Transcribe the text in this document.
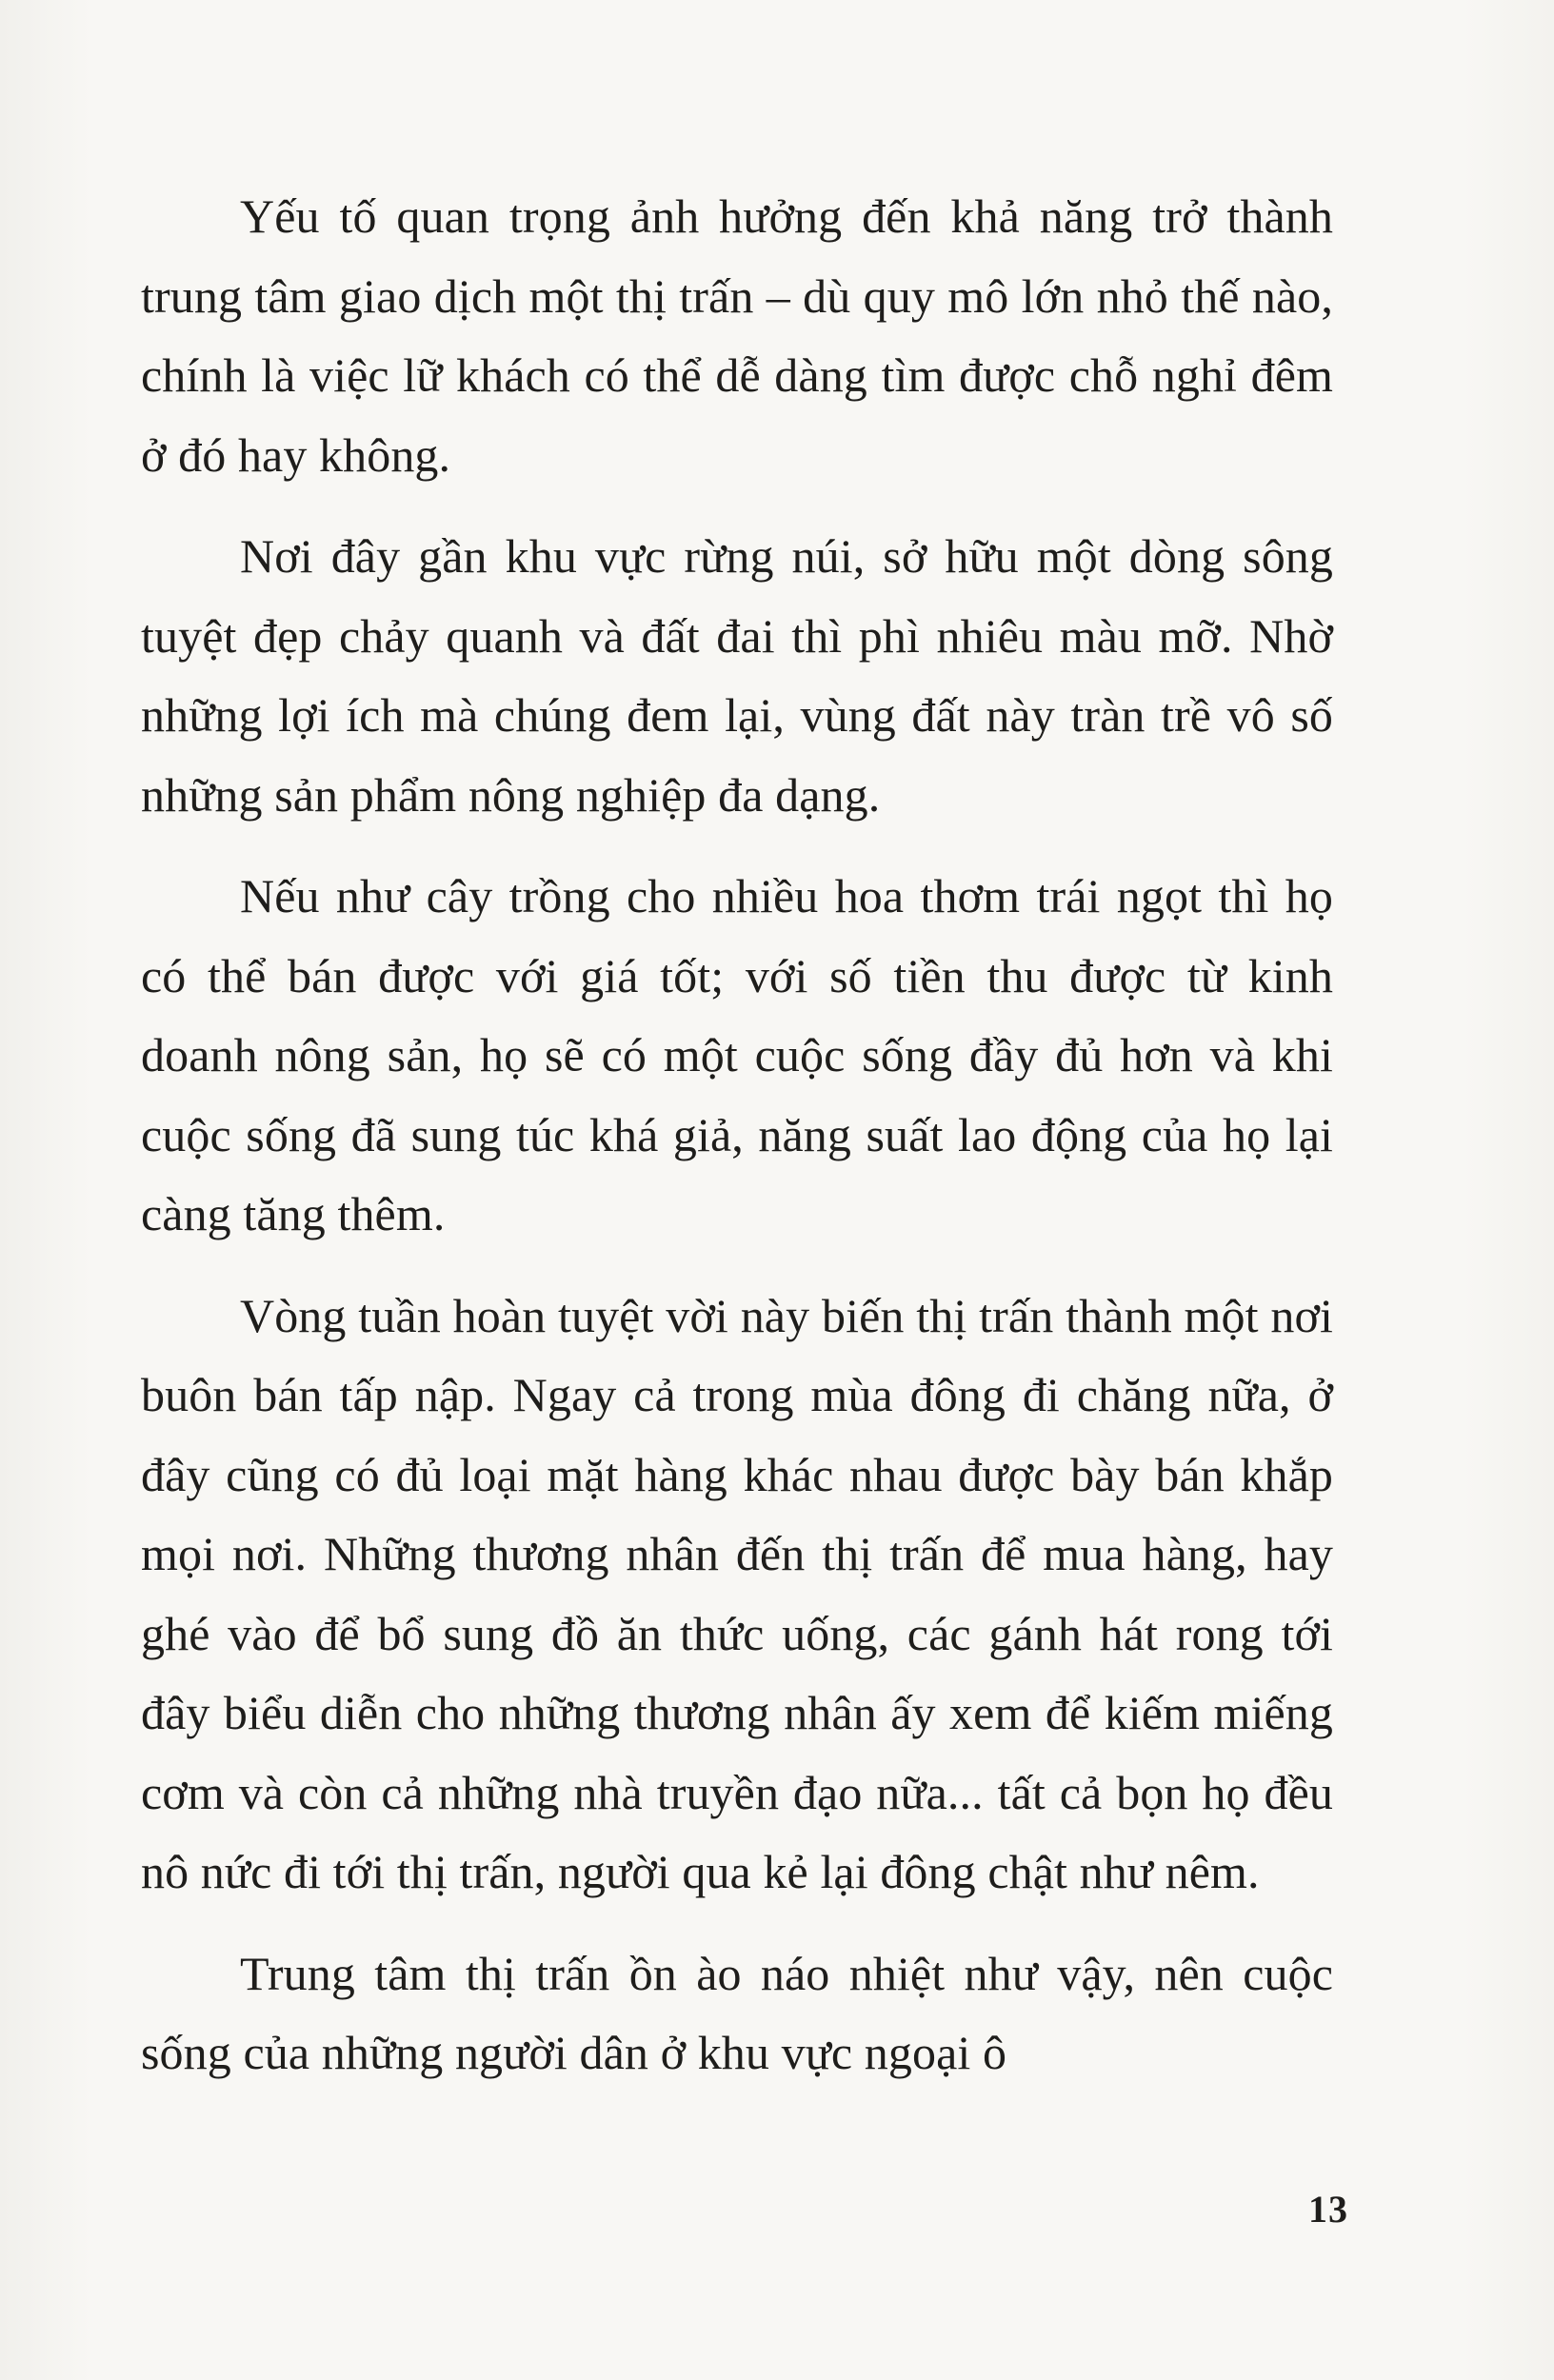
Yếu tố quan trọng ảnh hưởng đến khả năng trở thành trung tâm giao dịch một thị trấn – dù quy mô lớn nhỏ thế nào, chính là việc lữ khách có thể dễ dàng tìm được chỗ nghỉ đêm ở đó hay không.

Nơi đây gần khu vực rừng núi, sở hữu một dòng sông tuyệt đẹp chảy quanh và đất đai thì phì nhiêu màu mỡ. Nhờ những lợi ích mà chúng đem lại, vùng đất này tràn trề vô số những sản phẩm nông nghiệp đa dạng.

Nếu như cây trồng cho nhiều hoa thơm trái ngọt thì họ có thể bán được với giá tốt; với số tiền thu được từ kinh doanh nông sản, họ sẽ có một cuộc sống đầy đủ hơn và khi cuộc sống đã sung túc khá giả, năng suất lao động của họ lại càng tăng thêm.

Vòng tuần hoàn tuyệt vời này biến thị trấn thành một nơi buôn bán tấp nập. Ngay cả trong mùa đông đi chăng nữa, ở đây cũng có đủ loại mặt hàng khác nhau được bày bán khắp mọi nơi. Những thương nhân đến thị trấn để mua hàng, hay ghé vào để bổ sung đồ ăn thức uống, các gánh hát rong tới đây biểu diễn cho những thương nhân ấy xem để kiếm miếng cơm và còn cả những nhà truyền đạo nữa... tất cả bọn họ đều nô nức đi tới thị trấn, người qua kẻ lại đông chật như nêm.

Trung tâm thị trấn ồn ào náo nhiệt như vậy, nên cuộc sống của những người dân ở khu vực ngoại ô

13
